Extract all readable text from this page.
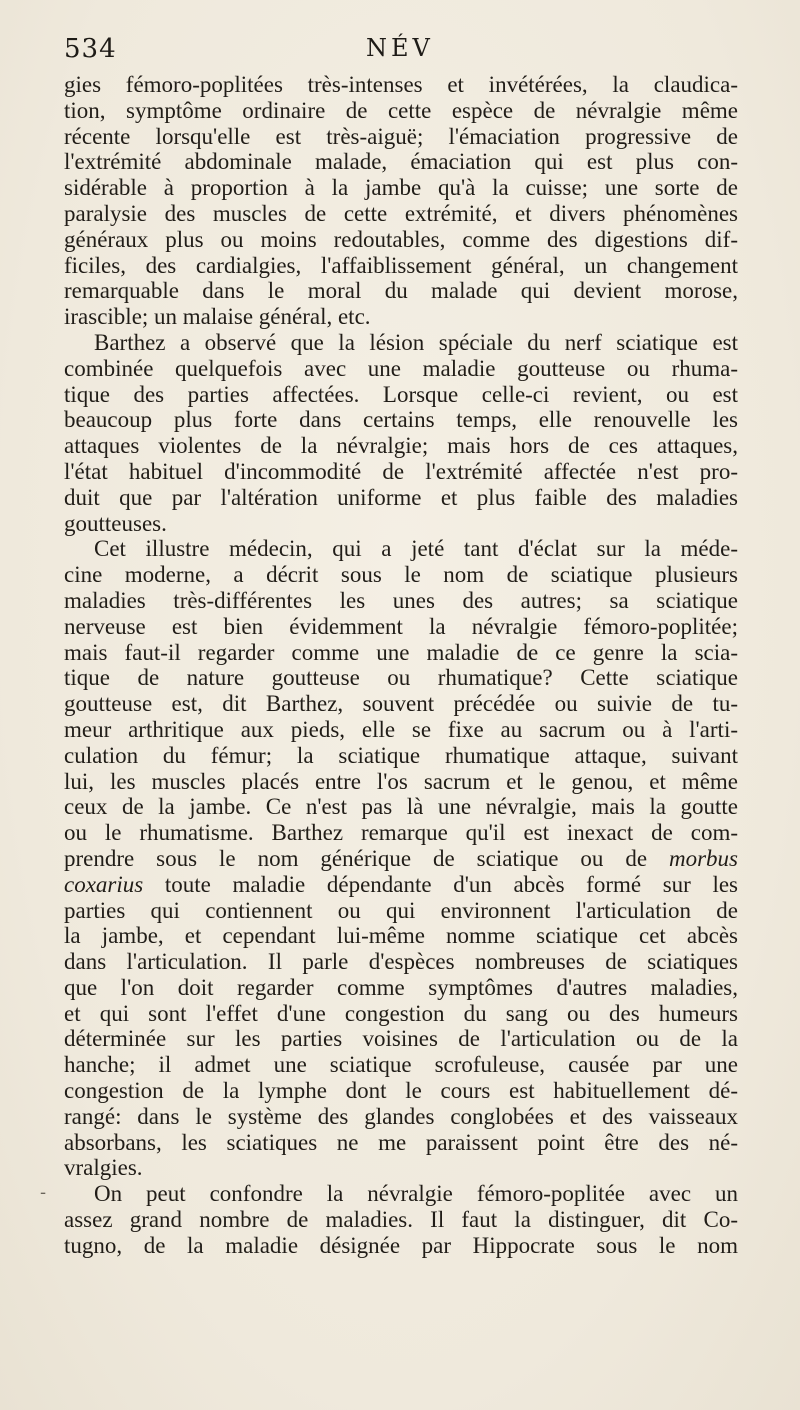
534	NÉV
-
gies fémoro-poplitées très-intenses et invétérées, la claudica-
tion, symptôme ordinaire de cette espèce de névralgie même
récente lorsqu'elle est très-aiguë; l'émaciation progressive de
l'extrémité abdominale malade, émaciation qui est plus con-
sidérable à proportion à la jambe qu'à la cuisse; une sorte de
paralysie des muscles de cette extrémité, et divers phénomènes
généraux plus ou moins redoutables, comme des digestions dif-
ficiles, des cardialgies, l'affaiblissement général, un changement
remarquable dans le moral du malade qui devient morose,
irascible; un malaise général, etc.
Barthez a observé que la lésion spéciale du nerf sciatique est
combinée quelquefois avec une maladie goutteuse ou rhuma-
tique des parties affectées. Lorsque celle-ci revient, ou est
beaucoup plus forte dans certains temps, elle renouvelle les
attaques violentes de la névralgie; mais hors de ces attaques,
l'état habituel d'incommodité de l'extrémité affectée n'est pro-
duit que par l'altération uniforme et plus faible des maladies
goutteuses.
Cet illustre médecin, qui a jeté tant d'éclat sur la méde-
cine moderne, a décrit sous le nom de sciatique plusieurs
maladies très-différentes les unes des autres; sa sciatique
nerveuse est bien évidemment la névralgie fémoro-poplitée;
mais faut-il regarder comme une maladie de ce genre la scia-
tique de nature goutteuse ou rhumatique? Cette sciatique
goutteuse est, dit Barthez, souvent précédée ou suivie de tu-
meur arthritique aux pieds, elle se fixe au sacrum ou à l'arti-
culation du fémur; la sciatique rhumatique attaque, suivant
lui, les muscles placés entre l'os sacrum et le genou, et même
ceux de la jambe. Ce n'est pas là une névralgie, mais la goutte
ou le rhumatisme. Barthez remarque qu'il est inexact de com-
prendre sous le nom générique de sciatique ou de morbus
coxarius toute maladie dépendante d'un abcès formé sur les
parties qui contiennent ou qui environnent l'articulation de
la jambe, et cependant lui-même nomme sciatique cet abcès
dans l'articulation. Il parle d'espèces nombreuses de sciatiques
que l'on doit regarder comme symptômes d'autres maladies,
et qui sont l'effet d'une congestion du sang ou des humeurs
déterminée sur les parties voisines de l'articulation ou de la
hanche; il admet une sciatique scrofuleuse, causée par une
congestion de la lymphe dont le cours est habituellement dé-
rangé: dans le système des glandes conglobées et des vaisseaux
absorbans, les sciatiques ne me paraissent point être des né-
vralgies.
On peut confondre la névralgie fémoro-poplitée avec un
assez grand nombre de maladies. Il faut la distinguer, dit Co-
tugno, de la maladie désignée par Hippocrate sous le nom
